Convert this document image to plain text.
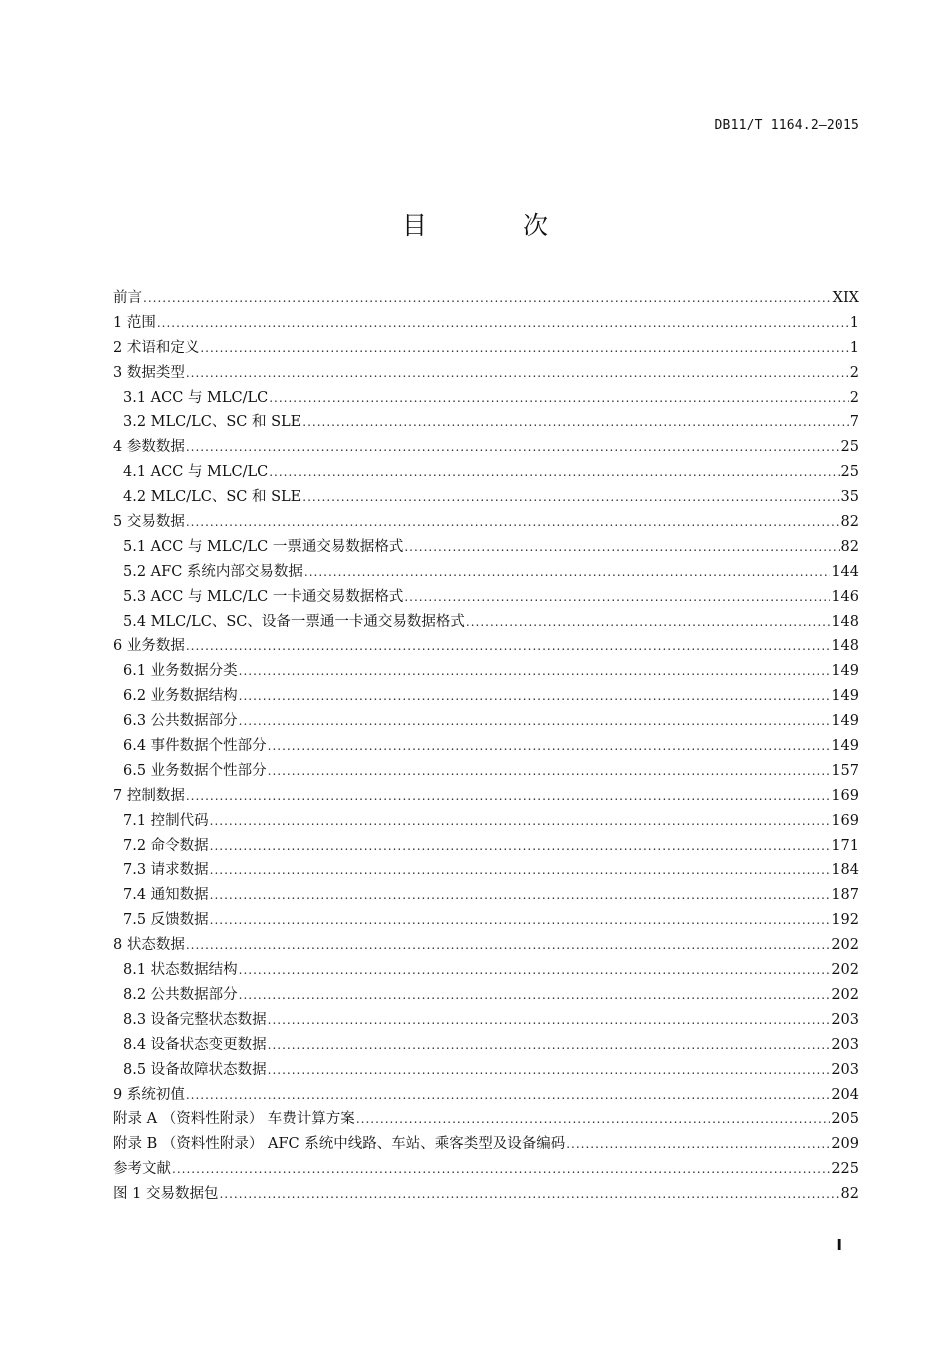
DB11/T 1164.2—2015
目 次
前言 .....	XIX
1 范围 .....	1
2 术语和定义 .....	1
3 数据类型 .....	2
3.1 ACC 与 MLC/LC .....	2
3.2 MLC/LC、SC 和 SLE .....	7
4 参数数据 .....	25
4.1 ACC 与 MLC/LC .....	25
4.2 MLC/LC、SC 和 SLE .....	35
5 交易数据 .....	82
5.1 ACC 与 MLC/LC 一票通交易数据格式 .....	82
5.2 AFC 系统内部交易数据 .....	144
5.3 ACC 与 MLC/LC 一卡通交易数据格式 .....	146
5.4 MLC/LC、SC、设备一票通一卡通交易数据格式 .....	148
6 业务数据 .....	148
6.1 业务数据分类 .....	149
6.2 业务数据结构 .....	149
6.3 公共数据部分 .....	149
6.4 事件数据个性部分 .....	149
6.5 业务数据个性部分 .....	157
7 控制数据 .....	169
7.1 控制代码 .....	169
7.2 命令数据 .....	171
7.3 请求数据 .....	184
7.4 通知数据 .....	187
7.5 反馈数据 .....	192
8 状态数据 .....	202
8.1 状态数据结构 .....	202
8.2 公共数据部分 .....	202
8.3 设备完整状态数据 .....	203
8.4 设备状态变更数据 .....	203
8.5 设备故障状态数据 .....	203
9 系统初值 .....	204
附录 A （资料性附录） 车费计算方案 .....	205
附录 B （资料性附录） AFC 系统中线路、车站、乘客类型及设备编码 .....	209
参考文献 .....	225
图 1 交易数据包 .....	82
I
